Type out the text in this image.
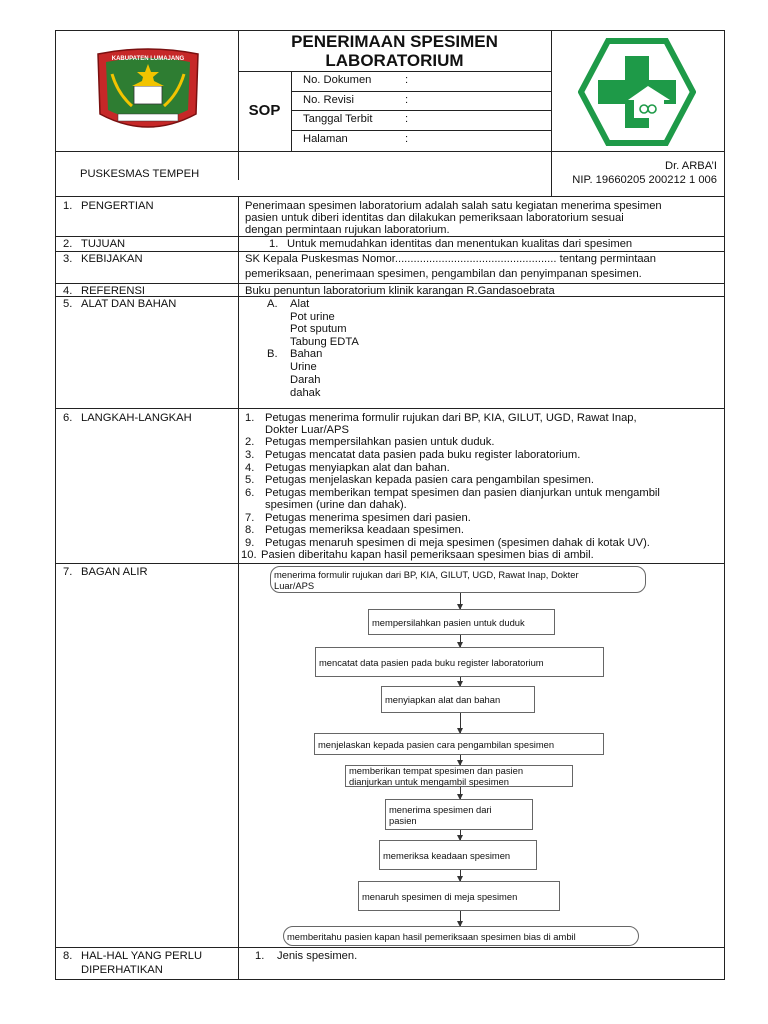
KABUPATEN LUMAJANG
PENERIMAAN SPESIMEN
LABORATORIUM
SOP
No. Dokumen	:
No. Revisi	:
Tanggal Terbit	:
Halaman	:
PUSKESMAS TEMPEH
Dr. ARBA’I
NIP. 19660205 200212 1 006
1. PENGERTIAN	Penerimaan spesimen laboratorium adalah salah satu kegiatan menerima spesimen
pasien untuk diberi identitas dan dilakukan pemeriksaan laboratorium sesuai
dengan permintaan rujukan laboratorium.
2. TUJUAN	1. Untuk memudahkan identitas dan menentukan kualitas dari spesimen
3. KEBIJAKAN	SK Kepala Puskesmas Nomor.................................................... tentang permintaan
pemeriksaan, penerimaan spesimen, pengambilan dan penyimpanan spesimen.
4. REFERENSI	Buku penuntun laboratorium klinik karangan R.Gandasoebrata
5. ALAT DAN BAHAN	A. Alat
Pot urine
Pot sputum
Tabung EDTA
B. Bahan
Urine
Darah
dahak
6. LANGKAH-LANGKAH	1. Petugas menerima formulir rujukan dari BP, KIA, GILUT, UGD, Rawat Inap,
Dokter Luar/APS
2. Petugas mempersilahkan pasien untuk duduk.
3. Petugas mencatat data pasien pada buku register laboratorium.
4. Petugas menyiapkan alat dan bahan.
5. Petugas menjelaskan kepada pasien cara pengambilan spesimen.
6. Petugas memberikan tempat spesimen dan pasien dianjurkan untuk mengambil
spesimen (urine dan dahak).
7. Petugas menerima spesimen dari pasien.
8. Petugas memeriksa keadaan spesimen.
9. Petugas menaruh spesimen di meja spesimen (spesimen dahak di kotak UV).
10. Pasien diberitahu kapan hasil pemeriksaan spesimen bias di ambil.
7. BAGAN ALIR	menerima formulir rujukan dari BP, KIA, GILUT, UGD, Rawat Inap, Dokter
Luar/APS
mempersilahkan pasien untuk duduk
mencatat data pasien pada buku register laboratorium
menyiapkan alat dan bahan
menjelaskan kepada pasien cara pengambilan spesimen
memberikan tempat spesimen dan pasien
dianjurkan untuk mengambil spesimen
menerima spesimen dari
pasien
memeriksa keadaan spesimen
menaruh spesimen di meja spesimen
memberitahu pasien kapan hasil pemeriksaan spesimen bias di ambil
8. HAL-HAL YANG PERLU
DIPERHATIKAN
1. Jenis spesimen.
